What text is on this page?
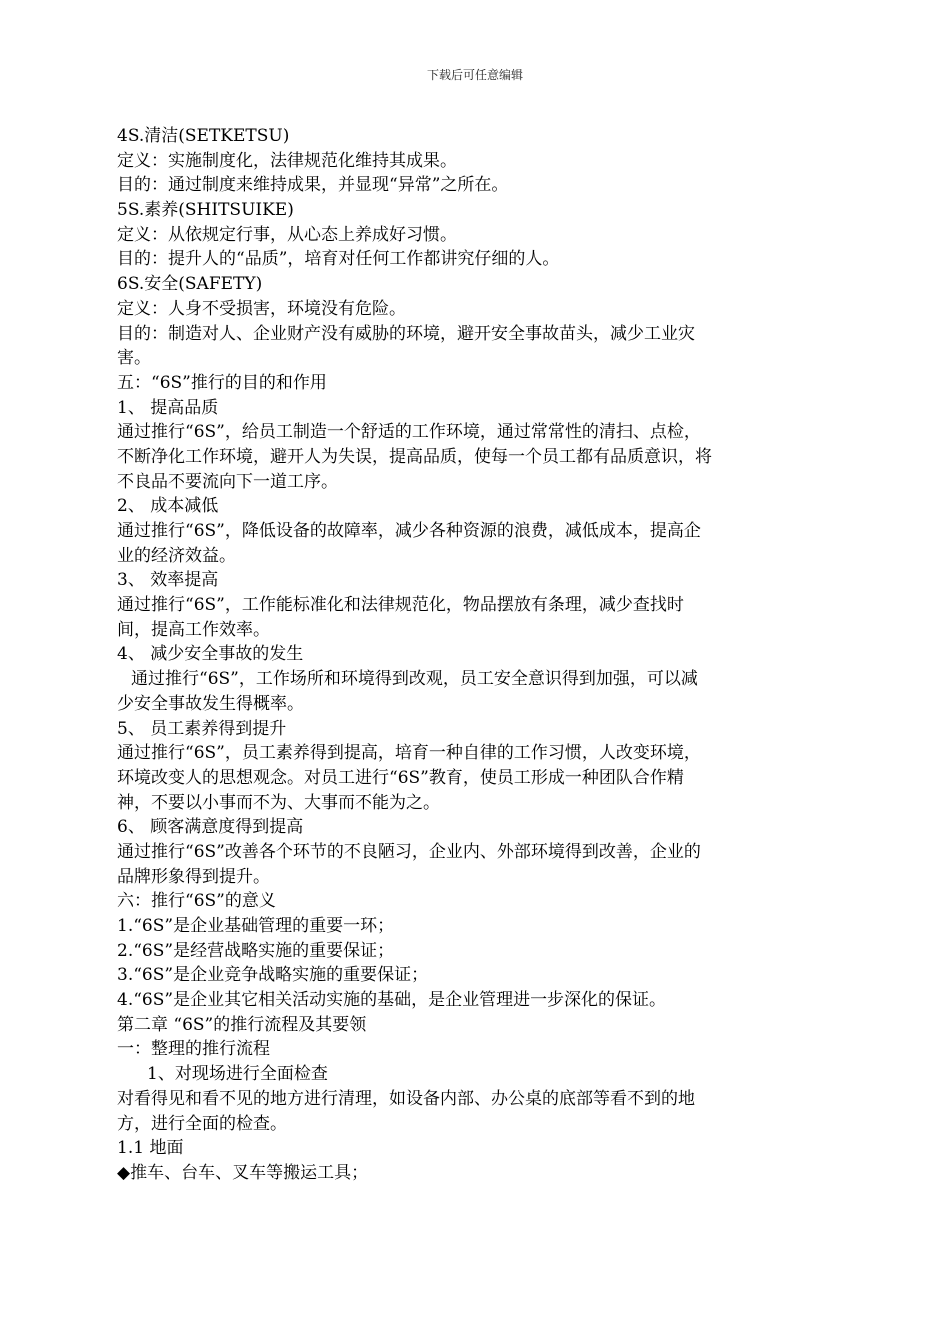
下载后可任意编辑
4S.清洁(SETKETSU)
定义：实施制度化，法律规范化维持其成果。
目的：通过制度来维持成果，并显现“异常”之所在。
5S.素养(SHITSUIKE)
定义：从依规定行事，从心态上养成好习惯。
目的：提升人的“品质”，培育对任何工作都讲究仔细的人。
6S.安全(SAFETY)
定义：人身不受损害，环境没有危险。
目的：制造对人、企业财产没有威胁的环境，避开安全事故苗头，减少工业灾
害。
五：“6S”推行的目的和作用
1、 提高品质
通过推行“6S”，给员工制造一个舒适的工作环境，通过常常性的清扫、点检，
不断净化工作环境，避开人为失误，提高品质，使每一个员工都有品质意识，将
不良品不要流向下一道工序。
2、 成本减低
通过推行“6S”，降低设备的故障率，减少各种资源的浪费，减低成本，提高企
业的经济效益。
3、 效率提高
通过推行“6S”，工作能标准化和法律规范化，物品摆放有条理，减少查找时
间，提高工作效率。
4、 减少安全事故的发生
通过推行“6S”，工作场所和环境得到改观，员工安全意识得到加强，可以减
少安全事故发生得概率。
5、 员工素养得到提升
通过推行“6S”，员工素养得到提高，培育一种自律的工作习惯，人改变环境，
环境改变人的思想观念。对员工进行“6S”教育，使员工形成一种团队合作精
神，不要以小事而不为、大事而不能为之。
6、 顾客满意度得到提高
通过推行“6S”改善各个环节的不良陋习，企业内、外部环境得到改善，企业的
品牌形象得到提升。
六：推行“6S”的意义
1.“6S”是企业基础管理的重要一环；
2.“6S”是经营战略实施的重要保证；
3.“6S”是企业竞争战略实施的重要保证；
4.“6S”是企业其它相关活动实施的基础，是企业管理进一步深化的保证。
第二章 “6S”的推行流程及其要领
一：整理的推行流程
1、对现场进行全面检查
对看得见和看不见的地方进行清理，如设备内部、办公桌的底部等看不到的地
方，进行全面的检查。
1.1 地面
◆推车、台车、叉车等搬运工具；
